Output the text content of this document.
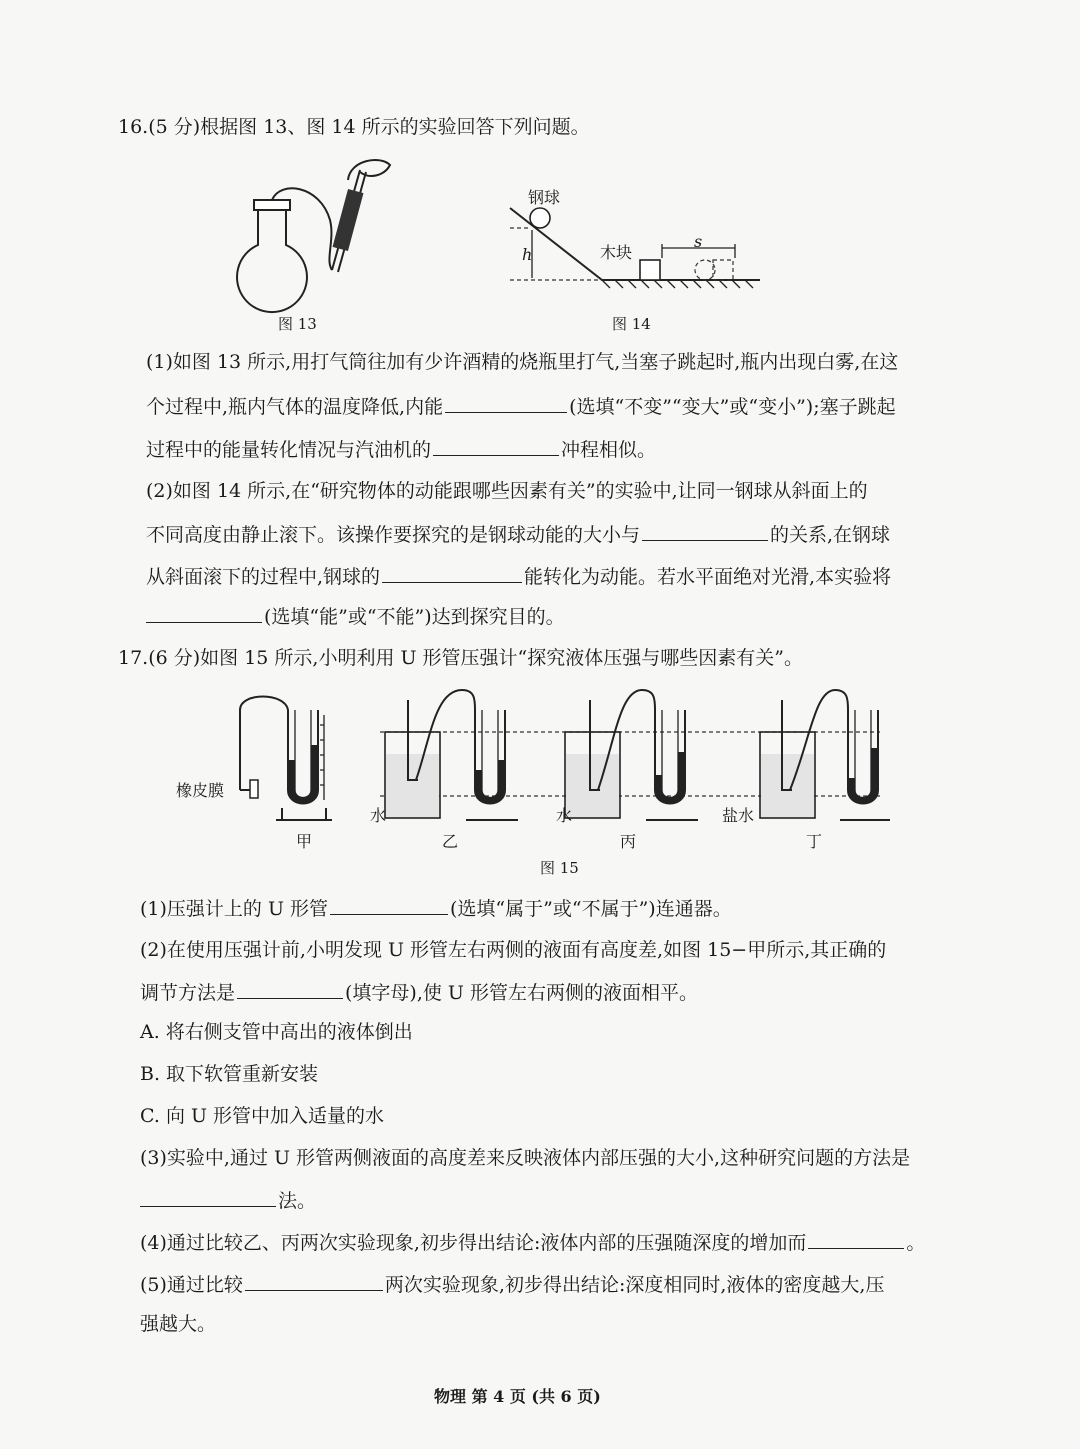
16.(5 分)根据图 13、图 14 所示的实验回答下列问题。
图 13
钢球
h	木块
s
图 14
(1)如图 13 所示,用打气筒往加有少许酒精的烧瓶里打气,当塞子跳起时,瓶内出现白雾,在这
个过程中,瓶内气体的温度降低,内能	(选填“不变”“变大”或“变小”);塞子跳起
过程中的能量转化情况与汽油机的	冲程相似。
(2)如图 14 所示,在“研究物体的动能跟哪些因素有关”的实验中,让同一钢球从斜面上的
不同高度由静止滚下。该操作要探究的是钢球动能的大小与	的关系,在钢球
从斜面滚下的过程中,钢球的	能转化为动能。若水平面绝对光滑,本实验将
(选填“能”或“不能”)达到探究目的。
17.(6 分)如图 15 所示,小明利用 U 形管压强计“探究液体压强与哪些因素有关”。
橡皮膜
水	水	盐水
甲	乙	丙	丁
图 15
(1)压强计上的 U 形管	(选填“属于”或“不属于”)连通器。
(2)在使用压强计前,小明发现 U 形管左右两侧的液面有高度差,如图 15−甲所示,其正确的
调节方法是	(填字母),使 U 形管左右两侧的液面相平。
A. 将右侧支管中高出的液体倒出
B. 取下软管重新安装
C. 向 U 形管中加入适量的水
(3)实验中,通过 U 形管两侧液面的高度差来反映液体内部压强的大小,这种研究问题的方法是
法。
(4)通过比较乙、丙两次实验现象,初步得出结论:液体内部的压强随深度的增加而	。
(5)通过比较	两次实验现象,初步得出结论:深度相同时,液体的密度越大,压
强越大。
物理 第 4 页 (共 6 页)
